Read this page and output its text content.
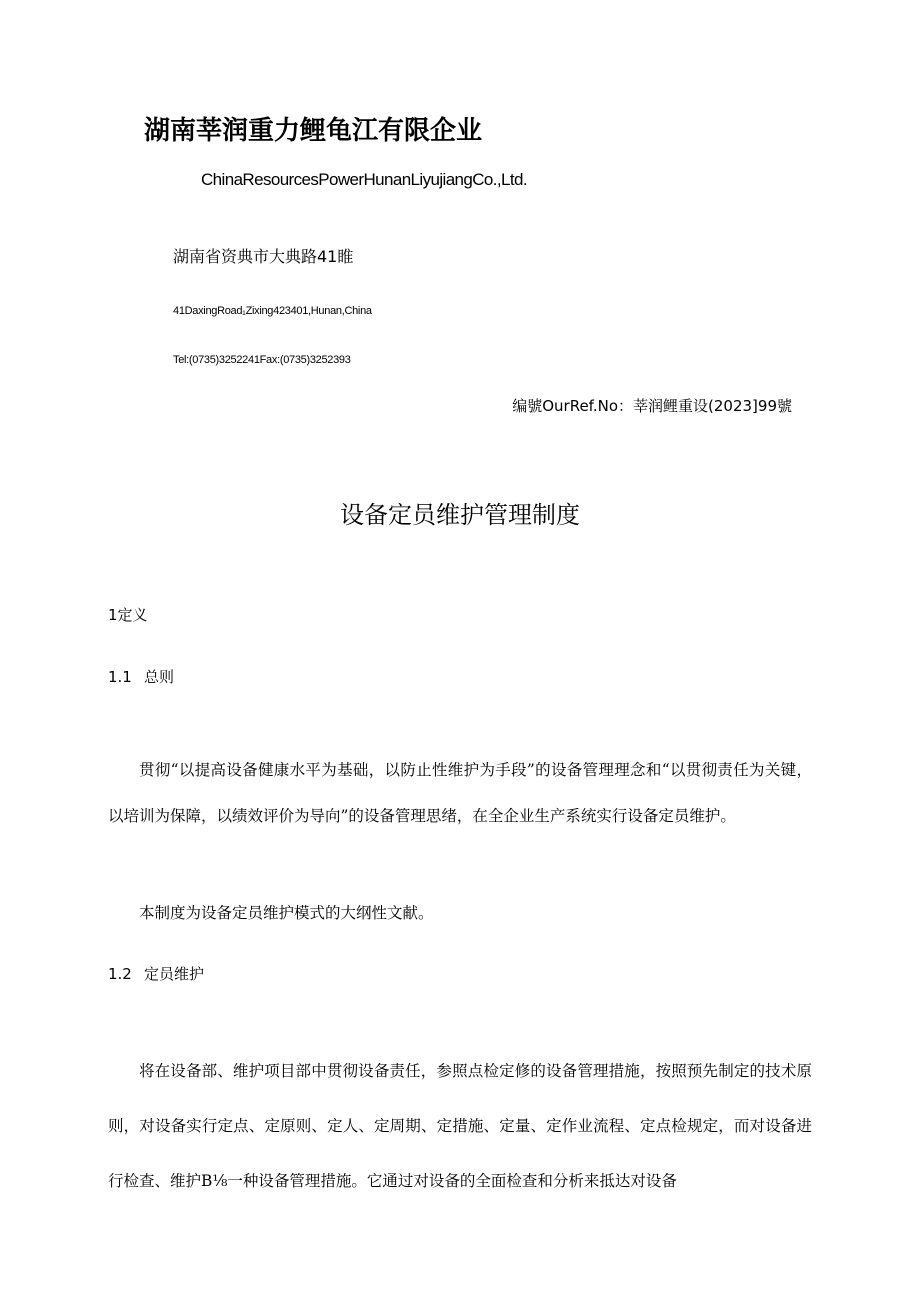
湖南莘润重力鲤龟江有限企业
ChinaResourcesPowerHunanLiyujiangCo.,Ltd.
湖南省资典市大典路41睢
41DaxingRoad₁Zixing423401,Hunan,China
Tel:(0735)3252241Fax:(0735)3252393
编號OurRef.No：莘润鲤重设(2023]99號
设备定员维护管理制度
1定义
1.1 总则

贯彻“以提高设备健康水平为基础，以防止性维护为手段”的设备管理理念和“以贯彻责任为关键，以培训为保障，以绩效评价为导向”的设备管理思绪，在全企业生产系统实行设备定员维护。

本制度为设备定员维护模式的大纲性文献。

1.2 定员维护

将在设备部、维护项目部中贯彻设备责任，参照点检定修的设备管理措施，按照预先制定的技术原则，对设备实行定点、定原则、定人、定周期、定措施、定量、定作业流程、定点检规定，而对设备进行检查、维护B⅛一种设备管理措施。它通过对设备的全面检查和分析来抵达对设备
